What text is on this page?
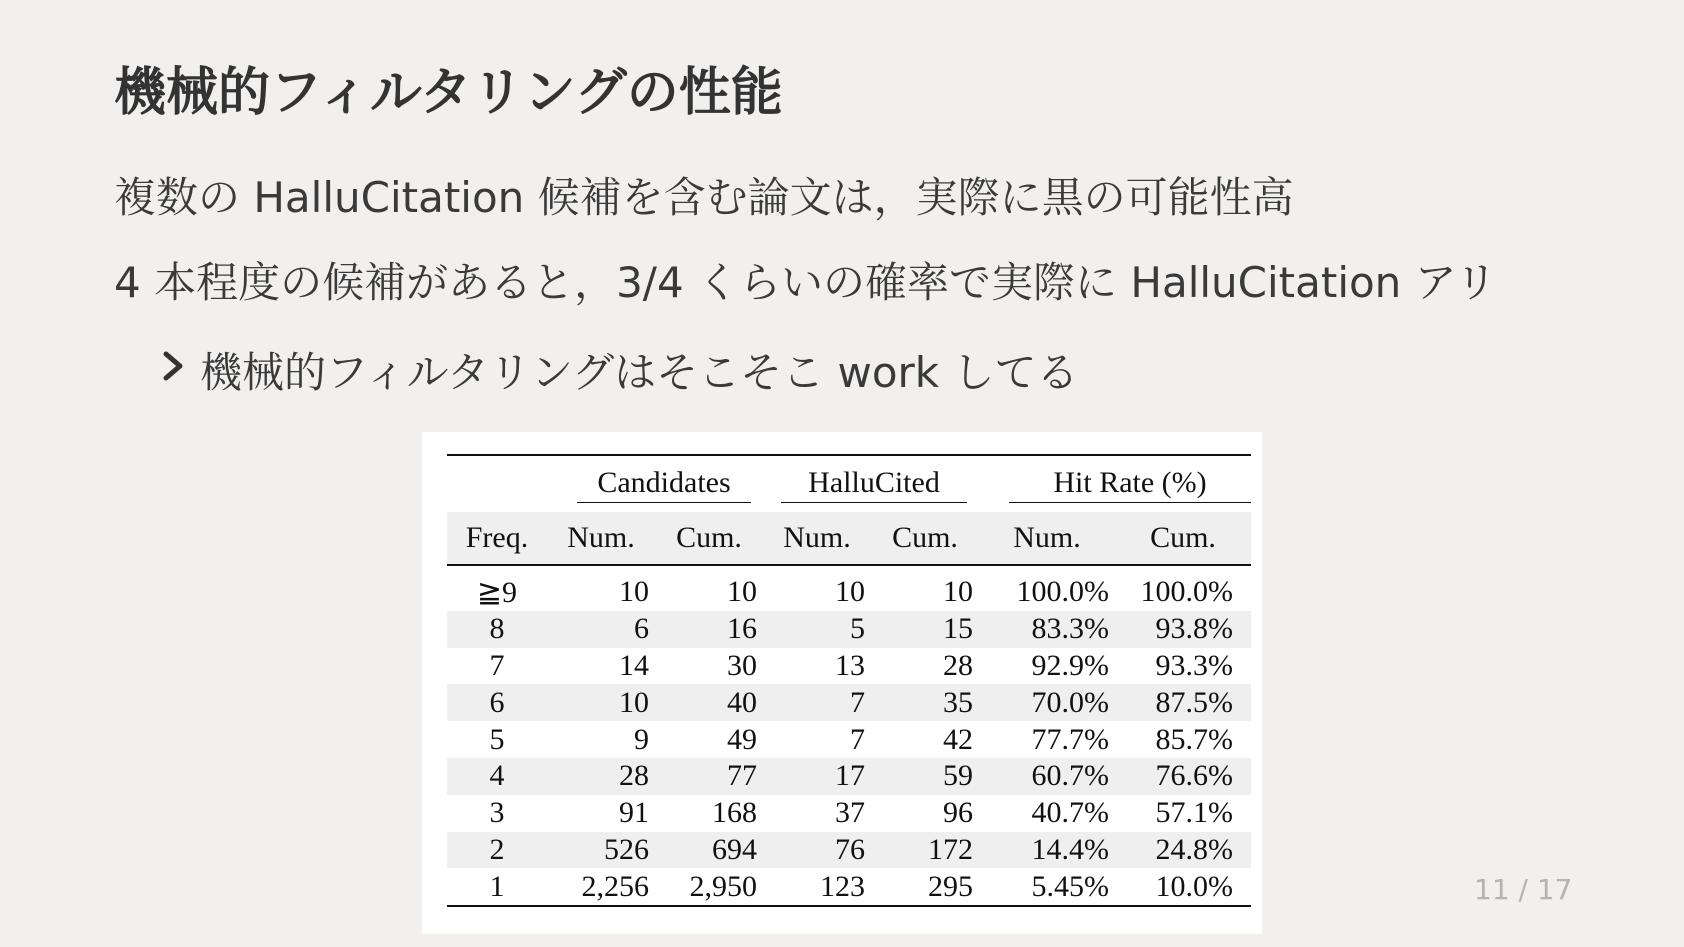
機械的フィルタリングの性能
複数の HalluCitation 候補を含む論文は，実際に黒の可能性高
4 本程度の候補があると，3/4 くらいの確率で実際に HalluCitation アリ
機械的フィルタリングはそこそこ work してる

	Candidates		HalluCited		Hit Rate (%)	

Freq.	Num.	Cum.	Num.	Cum.	Num.	Cum.

≧9	10	10	10	10	100.0%	100.0%
8	6	16	5	15	83.3%	93.8%
7	14	30	13	28	92.9%	93.3%
6	10	40	7	35	70.0%	87.5%
5	9	49	7	42	77.7%	85.7%
4	28	77	17	59	60.7%	76.6%
3	91	168	37	96	40.7%	57.1%
2	526	694	76	172	14.4%	24.8%
1	2,256	2,950	123	295	5.45%	10.0%	11 / 17
